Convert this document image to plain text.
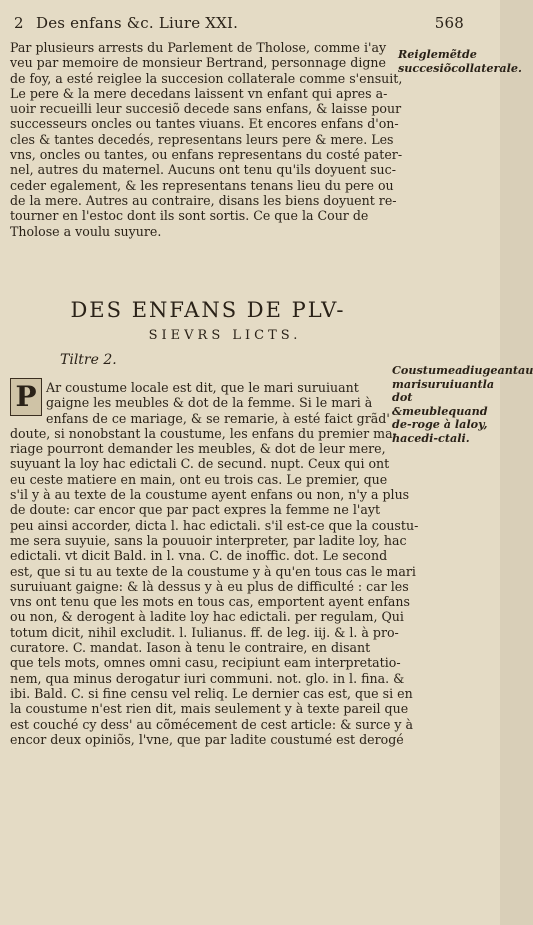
2 Des enfans &c. Liure XXI.	568
Par plusieurs arrests du Parlement de Tholose, comme i'ay
veu par memoire de monsieur Bertrand, personnage digne
de foy, a esté reiglee la succesion collaterale comme s'ensuit,
Le pere & la mere decedans laissent vn enfant qui apres a-
uoir recueilli leur succesiõ decede sans enfans, & laisse pour
successeurs oncles ou tantes viuans. Et encores enfans d'on-
cles & tantes decedés, representans leurs pere & mere. Les
vns, oncles ou tantes, ou enfans representans du costé pater-
nel, autres du maternel. Aucuns ont tenu qu'ils doyuent suc-
ceder egalement, & les representans tenans lieu du pere ou
de la mere. Autres au contraire, disans les biens doyuent re-
tourner en l'estoc dont ils sont sortis. Ce que la Cour de
Tholose a voulu suyure.
Reiglemẽtde succesiõcollaterale.
DES ENFANS DE PLV-
SIEVRS LICTS.
Tiltre 2.
P Ar coustume locale est dit, que le mari suruiuant
gaigne les meubles & dot de la femme. Si le mari à
enfans de ce mariage, & se remarie, à esté faict grãd'
doute, si nonobstant la coustume, les enfans du premier ma-
riage pourront demander les meubles, & dot de leur mere,
suyuant la loy hac edictali C. de secund. nupt. Ceux qui ont
eu ceste matiere en main, ont eu trois cas. Le premier, que
s'il y à au texte de la coustume ayent enfans ou non, n'y a plus
de doute: car encor que par pact expres la femme ne l'ayt
peu ainsi accorder, dicta l. hac edictali. s'il est-ce que la coustu-
me sera suyuie, sans la pouuoir interpreter, par ladite loy, hac
edictali. vt dicit Bald. in l. vna. C. de inoffic. dot. Le second
est, que si tu au texte de la coustume y à qu'en tous cas le mari
suruiuant gaigne: & là dessus y à eu plus de difficulté : car les
vns ont tenu que les mots en tous cas, emportent ayent enfans
ou non, & derogent à ladite loy hac edictali. per regulam, Qui
totum dicit, nihil excludit. l. Iulianus. ff. de leg. iij. & l. à pro-
curatore. C. mandat. Iason à tenu le contraire, en disant
que tels mots, omnes omni casu, recipiunt eam interpretatio-
nem, qua minus derogatur iuri communi. not. glo. in l. fina. &
ibi. Bald. C. si fine censu vel reliq. Le dernier cas est, que si en
la coustume n'est rien dit, mais seulement y à texte pareil que
est couché cy dess' au cõmécement de cest article: & surce y à
encor deux opiniõs, l'vne, que par ladite coustumé est derogé
Coustumeadiugeantau marisuruiuantla dot &meublequand de-roge à laloy, hacedi-ctali.
